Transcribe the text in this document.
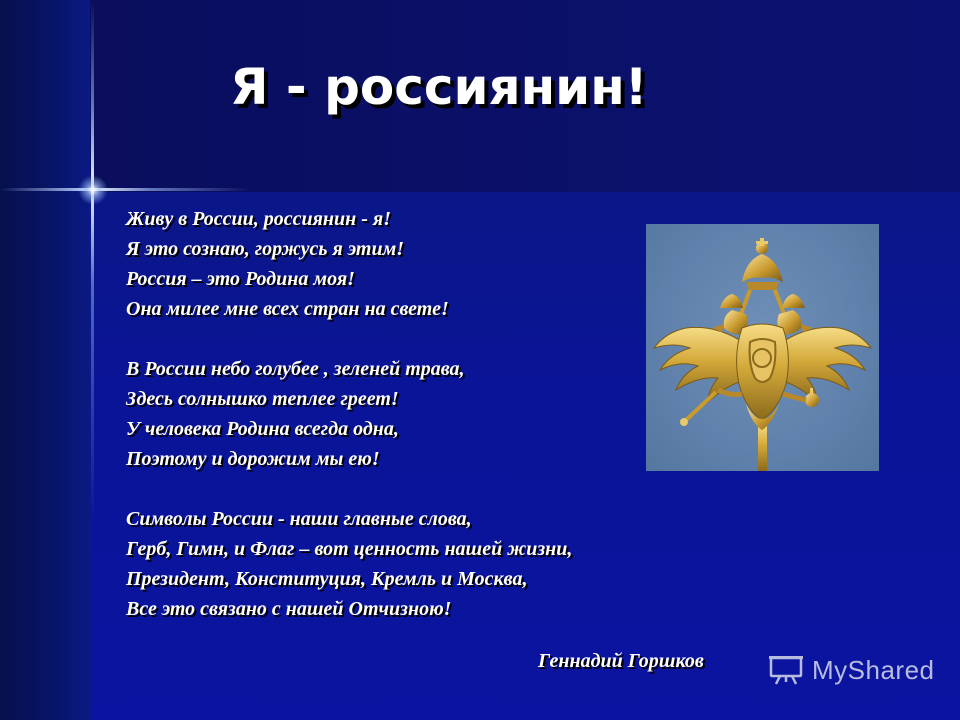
Я - россиянин!
Живу в России, россиянин - я!
Я это сознаю, горжусь я этим!
Россия – это Родина моя!
Она милее мне всех стран на свете!
В России небо голубее , зеленей трава,
Здесь солнышко теплее греет!
У человека Родина всегда одна,
Поэтому и дорожим мы ею!
Символы России - наши главные слова,
Герб, Гимн, и Флаг – вот ценность нашей жизни,
Президент, Конституция, Кремль и Москва,
Все это связано с нашей Отчизною!
Геннадий Горшков	MyShared
